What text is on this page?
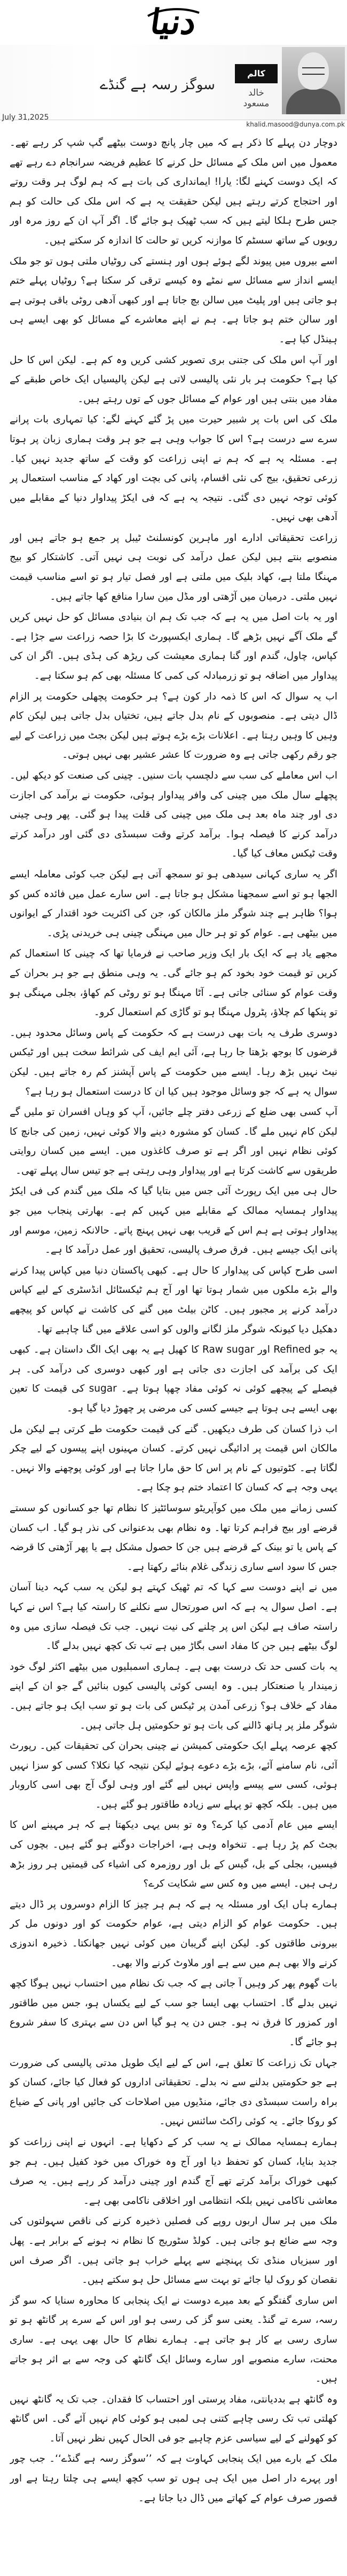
دنیا
سوگز رسہ ہے گنڈے
کالم
خالد مسعود
July 31,2025
khalid.masood@dunya.com.pk

دوچار دن پہلے کا ذکر ہے کہ میں چار پانچ دوست بیٹھے گپ شپ کر رہے تھے۔ معمول میں اس ملک کے مسائل حل کرنے کا عظیم فریضہ سرانجام دے رہے تھے کہ ایک دوست کہنے لگا: یارا! ایمانداری کی بات ہے کہ ہم لوگ ہر وقت روتے اور احتجاج کرتے رہتے ہیں لیکن حقیقت یہ ہے کہ اس ملک کی حالت کو ہم جس طرح ہلکا لیتے ہیں کہ سب ٹھیک ہو جائے گا۔ اگر آپ ان کے روز مرہ اور رویوں کے ساتھ سسٹم کا موازنہ کریں تو حالت کا اندازہ کر سکتے ہیں۔

اسے بیروں میں پیوند لگے ہوئے ہوں اور ہنستے کی روٹیاں ملتی ہوں تو جو ملک ایسے انداز سے مسائل سے نمٹے وہ کیسے ترقی کر سکتا ہے؟ روٹیاں پہلے ختم ہو جاتی ہیں اور پلیٹ میں سالن بچ جاتا ہے اور کبھی آدھی روٹی باقی ہوتی ہے اور سالن ختم ہو جاتا ہے۔ ہم نے اپنے معاشرے کے مسائل کو بھی ایسے ہی ہینڈل کیا ہے۔

اور آپ اس ملک کی جتنی بری تصویر کشی کریں وہ کم ہے۔ لیکن اس کا حل کیا ہے؟ حکومت ہر بار نئی پالیسی لاتی ہے لیکن پالیسیاں ایک خاص طبقے کے مفاد میں بنتی ہیں اور عوام کے مسائل جوں کے توں رہتے ہیں۔

ملک کی اس بات پر شبیر حیرت میں پڑ گئے کہنے لگے: کیا تمہاری بات پرانے سرے سے درست ہے؟ اس کا جواب وہی ہے جو ہر وقت ہماری زبان پر ہوتا ہے۔ مسئلہ یہ ہے کہ ہم نے اپنی زراعت کو وقت کے ساتھ جدید نہیں کیا۔ زرعی تحقیق، بیج کی نئی اقسام، پانی کی بچت اور کھاد کے مناسب استعمال پر کوئی توجہ نہیں دی گئی۔ نتیجہ یہ ہے کہ فی ایکڑ پیداوار دنیا کے مقابلے میں آدھی بھی نہیں۔

زراعت تحقیقاتی ادارے اور ماہرین کونسلنٹ ٹیبل پر جمع ہو جاتے ہیں اور منصوبے بنتے ہیں لیکن عمل درآمد کی نوبت ہی نہیں آتی۔ کاشتکار کو بیج مہنگا ملتا ہے، کھاد بلیک میں ملتی ہے اور فصل تیار ہو تو اسے مناسب قیمت نہیں ملتی۔ درمیان میں آڑھتی اور مڈل مین سارا منافع کھا جاتے ہیں۔

اور یہ بات اصل میں یہ ہے کہ جب تک ہم ان بنیادی مسائل کو حل نہیں کریں گے ملک آگے نہیں بڑھے گا۔ ہماری ایکسپورٹ کا بڑا حصہ زراعت سے جڑا ہے۔ کپاس، چاول، گندم اور گنا ہماری معیشت کی ریڑھ کی ہڈی ہیں۔ اگر ان کی پیداوار میں اضافہ ہو تو زرمبادلہ کی کمی کا مسئلہ بھی کم ہو سکتا ہے۔

اب یہ سوال کہ اس کا ذمہ دار کون ہے؟ ہر حکومت پچھلی حکومت پر الزام ڈال دیتی ہے۔ منصوبوں کے نام بدل جاتے ہیں، تختیاں بدل جاتی ہیں لیکن کام وہیں کا وہیں رہتا ہے۔ اعلانات بڑے بڑے ہوتے ہیں لیکن بجٹ میں زراعت کے لیے جو رقم رکھی جاتی ہے وہ ضرورت کا عشر عشیر بھی نہیں ہوتی۔

اب اس معاملے کی سب سے دلچسپ بات سنیں۔ چینی کی صنعت کو دیکھ لیں۔ پچھلے سال ملک میں چینی کی وافر پیداوار ہوئی، حکومت نے برآمد کی اجازت دی اور چند ماہ بعد ہی ملک میں چینی کی قلت پیدا ہو گئی۔ پھر وہی چینی درآمد کرنے کا فیصلہ ہوا۔ برآمد کرتے وقت سبسڈی دی گئی اور درآمد کرتے وقت ٹیکس معاف کیا گیا۔

اگر یہ ساری کہانی سیدھی ہو تو سمجھ آتی ہے لیکن جب کوئی معاملہ ایسے الجھا ہو تو اسے سمجھنا مشکل ہو جاتا ہے۔ اس سارے عمل میں فائدہ کس کو ہوا؟ ظاہر ہے چند شوگر ملز مالکان کو، جن کی اکثریت خود اقتدار کے ایوانوں میں بیٹھی ہے۔ عوام کو تو ہر حال میں مہنگی چینی ہی خریدنی پڑی۔

مجھے یاد ہے کہ ایک بار ایک وزیر صاحب نے فرمایا تھا کہ چینی کا استعمال کم کریں تو قیمت خود بخود کم ہو جائے گی۔ یہ وہی منطق ہے جو ہر بحران کے وقت عوام کو سنائی جاتی ہے۔ آٹا مہنگا ہو تو روٹی کم کھاؤ، بجلی مہنگی ہو تو پنکھا کم چلاؤ، پٹرول مہنگا ہو تو گاڑی کم استعمال کرو۔

دوسری طرف یہ بات بھی درست ہے کہ حکومت کے پاس وسائل محدود ہیں۔ قرضوں کا بوجھ بڑھتا جا رہا ہے، آئی ایم ایف کی شرائط سخت ہیں اور ٹیکس نیٹ نہیں بڑھ رہا۔ ایسے میں حکومت کے پاس آپشنز کم رہ جاتے ہیں۔ لیکن سوال یہ ہے کہ جو وسائل موجود ہیں کیا ان کا درست استعمال ہو رہا ہے؟

آپ کسی بھی ضلع کے زرعی دفتر چلے جائیں، آپ کو وہاں افسران تو ملیں گے لیکن کام نہیں ملے گا۔ کسان کو مشورہ دینے والا کوئی نہیں، زمین کی جانچ کا کوئی نظام نہیں اور اگر ہے تو صرف کاغذوں میں۔ ایسے میں کسان روایتی طریقوں سے کاشت کرتا ہے اور پیداوار وہی رہتی ہے جو تیس سال پہلے تھی۔

حال ہی میں ایک رپورٹ آئی جس میں بتایا گیا کہ ملک میں گندم کی فی ایکڑ پیداوار ہمسایہ ممالک کے مقابلے میں کہیں کم ہے۔ بھارتی پنجاب میں جو پیداوار ہوتی ہے ہم اس کے قریب بھی نہیں پہنچ پاتے۔ حالانکہ زمین، موسم اور پانی ایک جیسے ہیں۔ فرق صرف پالیسی، تحقیق اور عمل درآمد کا ہے۔

اسی طرح کپاس کی پیداوار کا حال ہے۔ کبھی پاکستان دنیا میں کپاس پیدا کرنے والے بڑے ملکوں میں شمار ہوتا تھا اور آج ہم ٹیکسٹائل انڈسٹری کے لیے کپاس درآمد کرنے پر مجبور ہیں۔ کاٹن بیلٹ میں گنے کی کاشت نے کپاس کو پیچھے دھکیل دیا کیونکہ شوگر ملز لگانے والوں کو اسی علاقے میں گنا چاہیے تھا۔

یہ جو Refined اور Raw sugar کا کھیل ہے یہ بھی ایک الگ داستان ہے۔ کبھی ایک کی برآمد کی اجازت دی جاتی ہے اور کبھی دوسری کی درآمد کی۔ ہر فیصلے کے پیچھے کوئی نہ کوئی مفاد چھپا ہوتا ہے۔ sugar کی قیمت کا تعین بھی ایسے ہی ہوتا ہے جیسے کسی کی مرضی پر چھوڑ دیا گیا ہو۔

اب ذرا کسان کی طرف دیکھیں۔ گنے کی قیمت حکومت طے کرتی ہے لیکن مل مالکان اس قیمت پر ادائیگی نہیں کرتے۔ کسان مہینوں اپنے پیسوں کے لیے چکر لگاتا ہے۔ کٹوتیوں کے نام پر اس کا حق مارا جاتا ہے اور کوئی پوچھنے والا نہیں۔ یہی وجہ ہے کہ کسان کا اعتماد ختم ہو چکا ہے۔

کسی زمانے میں ملک میں کوآپریٹو سوسائٹیز کا نظام تھا جو کسانوں کو سستے قرضے اور بیج فراہم کرتا تھا۔ وہ نظام بھی بدعنوانی کی نذر ہو گیا۔ اب کسان کے پاس یا تو بینک کے قرضے ہیں جن کا حصول مشکل ہے یا پھر آڑھتی کا قرضہ جس کا سود اسے ساری زندگی غلام بنائے رکھتا ہے۔

میں نے اپنے دوست سے کہا کہ تم ٹھیک کہتے ہو لیکن یہ سب کہہ دینا آسان ہے۔ اصل سوال یہ ہے کہ اس صورتحال سے نکلنے کا راستہ کیا ہے؟ اس نے کہا راستہ صاف ہے لیکن اس پر چلنے کی نیت نہیں۔ جب تک فیصلہ سازی میں وہ لوگ بیٹھے ہیں جن کا مفاد اسی بگاڑ میں ہے تب تک کچھ نہیں بدلے گا۔

یہ بات کسی حد تک درست بھی ہے۔ ہماری اسمبلیوں میں بیٹھے اکثر لوگ خود زمیندار یا صنعتکار ہیں۔ وہ ایسی کوئی پالیسی کیوں بنائیں گے جو ان کے اپنے مفاد کے خلاف ہو؟ زرعی آمدن پر ٹیکس کی بات ہو تو سب ایک ہو جاتے ہیں۔ شوگر ملز پر ہاتھ ڈالنے کی بات ہو تو حکومتیں ہل جاتی ہیں۔

کچھ عرصہ پہلے ایک حکومتی کمیشن نے چینی بحران کی تحقیقات کیں۔ رپورٹ آئی، نام سامنے آئے، بڑے بڑے دعوے ہوئے لیکن نتیجہ کیا نکلا؟ کسی کو سزا نہیں ہوئی، کسی سے پیسے واپس نہیں لیے گئے اور وہی لوگ آج بھی اسی کاروبار میں ہیں۔ بلکہ کچھ تو پہلے سے زیادہ طاقتور ہو گئے ہیں۔

ایسے میں عام آدمی کیا کرے؟ وہ تو بس یہی دیکھتا ہے کہ ہر مہینے اس کا بجٹ کم پڑ رہا ہے۔ تنخواہ وہی ہے، اخراجات دوگنے ہو گئے ہیں۔ بچوں کی فیسیں، بجلی کے بل، گیس کے بل اور روزمرہ کی اشیاء کی قیمتیں ہر روز بڑھ رہی ہیں۔ ایسے میں وہ کس سے شکایت کرے؟

ہمارے ہاں ایک اور مسئلہ یہ ہے کہ ہم ہر چیز کا الزام دوسروں پر ڈال دیتے ہیں۔ حکومت عوام کو الزام دیتی ہے، عوام حکومت کو اور دونوں مل کر بیرونی طاقتوں کو۔ لیکن اپنے گریبان میں کوئی نہیں جھانکتا۔ ذخیرہ اندوزی کرنے والا بھی ہم میں سے ہے اور ملاوٹ کرنے والا بھی۔

بات گھوم پھر کر وہیں آ جاتی ہے کہ جب تک نظام میں احتساب نہیں ہوگا کچھ نہیں بدلے گا۔ احتساب بھی ایسا جو سب کے لیے یکساں ہو، جس میں طاقتور اور کمزور کا فرق نہ ہو۔ جس دن یہ ہو گیا اس دن سے بہتری کا سفر شروع ہو جائے گا۔

جہاں تک زراعت کا تعلق ہے، اس کے لیے ایک طویل مدتی پالیسی کی ضرورت ہے جو حکومتیں بدلنے سے نہ بدلے۔ تحقیقاتی اداروں کو فعال کیا جائے، کسان کو براہ راست سبسڈی دی جائے، منڈیوں میں اصلاحات کی جائیں اور پانی کے ضیاع کو روکا جائے۔ یہ کوئی راکٹ سائنس نہیں۔

ہمارے ہمسایہ ممالک نے یہ سب کر کے دکھایا ہے۔ انہوں نے اپنی زراعت کو جدید بنایا، کسان کو تحفظ دیا اور آج وہ خوراک میں خود کفیل ہیں۔ ہم جو کبھی خوراک برآمد کرتے تھے آج گندم اور چینی درآمد کر رہے ہیں۔ یہ صرف معاشی ناکامی نہیں بلکہ انتظامی اور اخلاقی ناکامی بھی ہے۔

ملک میں ہر سال اربوں روپے کی فصلیں ذخیرہ کرنے کی ناقص سہولتوں کی وجہ سے ضائع ہو جاتی ہیں۔ کولڈ سٹوریج کا نظام نہ ہونے کے برابر ہے۔ پھل اور سبزیاں منڈی تک پہنچنے سے پہلے خراب ہو جاتی ہیں۔ اگر صرف اس نقصان کو روک لیا جائے تو بہت سے مسائل حل ہو سکتے ہیں۔

اس ساری گفتگو کے بعد میرے دوست نے ایک پنجابی کا محاورہ سنایا کہ سو گز رسہ، سرے تے گنڈ۔ یعنی سو گز کی رسی ہو اور اس کے سرے پر گانٹھ ہو تو ساری رسی بے کار ہو جاتی ہے۔ ہمارے نظام کا حال بھی یہی ہے۔ ساری محنت، سارے منصوبے اور سارے وسائل ایک گانٹھ کی وجہ سے بے اثر ہو جاتے ہیں۔

وہ گانٹھ ہے بددیانتی، مفاد پرستی اور احتساب کا فقدان۔ جب تک یہ گانٹھ نہیں کھلتی تب تک رسی چاہے کتنی ہی لمبی ہو کوئی کام نہیں آئے گی۔ اس گانٹھ کو کھولنے کے لیے سیاسی عزم چاہیے جو فی الحال کہیں نظر نہیں آتا۔

ملک کے بارے میں ایک پنجابی کہاوت ہے کہ ’’سوگز رسہ ہے گنڈے‘‘۔ جب چور اور پہرے دار اصل میں ایک ہی ہوں تو سب کچھ ایسے ہی چلتا رہتا ہے اور قصور صرف عوام کے کھاتے میں ڈال دیا جاتا ہے۔
